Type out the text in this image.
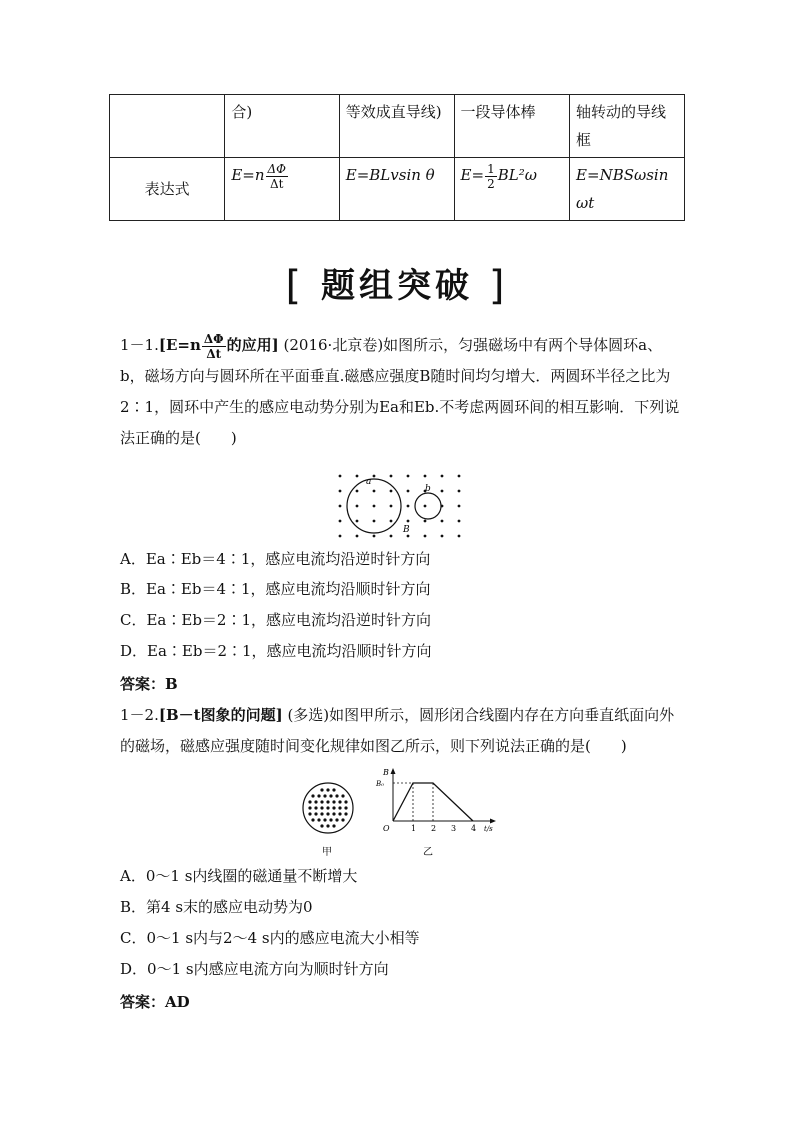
	合)	等效成直导线)	一段导体棒	轴转动的导线框
表达式	$E=n \frac{\Delta\Phi}{\Delta t}$	E=BLvsin θ	$E= \frac{1}{2} BL^2\omega$	E=NBSωsin ωt
[ 题组突破 ]
$1-1.[E=n \frac{\Delta\Phi}{\Delta t}$ 的应用] (2016·北京卷)如图所示，匀强磁场中有两个导体圆环a、b，磁场方向与圆环所在平面垂直.磁感应强度B随时间均匀增大．两圆环半径之比为2∶1，圆环中产生的感应电动势分别为Ea和Eb.不考虑两圆环间的相互影响．下列说法正确的是(　　)
a
b
B
A．Ea∶Eb＝4∶1，感应电流均沿逆时针方向
B．Ea∶Eb＝4∶1，感应电流均沿顺时针方向
C．Ea∶Eb＝2∶1，感应电流均沿逆时针方向
D．Ea∶Eb＝2∶1，感应电流均沿顺时针方向
答案：B
1－2.[B－t图象的问题] (多选)如图甲所示，圆形闭合线圈内存在方向垂直纸面向外的磁场，磁感应强度随时间变化规律如图乙所示，则下列说法正确的是(　　)
甲
1 2 3 4
B
B₀
O	t/s
乙
A．0～1 s内线圈的磁通量不断增大
B．第4 s末的感应电动势为0
C．0～1 s内与2～4 s内的感应电流大小相等
D．0～1 s内感应电流方向为顺时针方向
答案：AD
